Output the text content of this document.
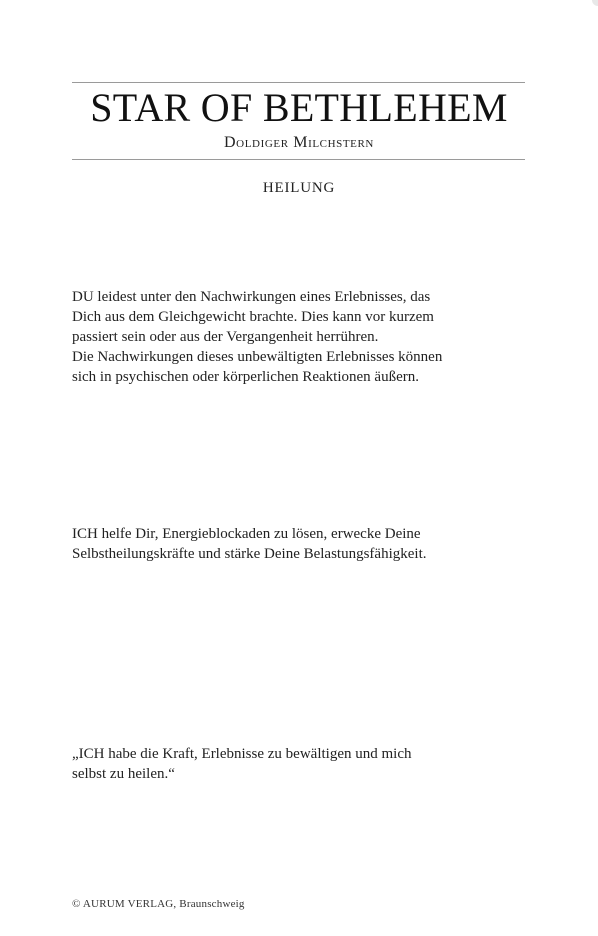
STAR OF BETHLEHEM
Doldiger Milchstern
HEILUNG

DU leidest unter den Nachwirkungen eines Erlebnisses, das
Dich aus dem Gleichgewicht brachte. Dies kann vor kurzem
passiert sein oder aus der Vergangenheit herrühren.
Die Nachwirkungen dieses unbewältigten Erlebnisses können
sich in psychischen oder körperlichen Reaktionen äußern.

ICH helfe Dir, Energieblockaden zu lösen, erwecke Deine
Selbstheilungskräfte und stärke Deine Belastungsfähigkeit.

„ICH habe die Kraft, Erlebnisse zu bewältigen und mich
selbst zu heilen.“

© AURUM VERLAG, Braunschweig
